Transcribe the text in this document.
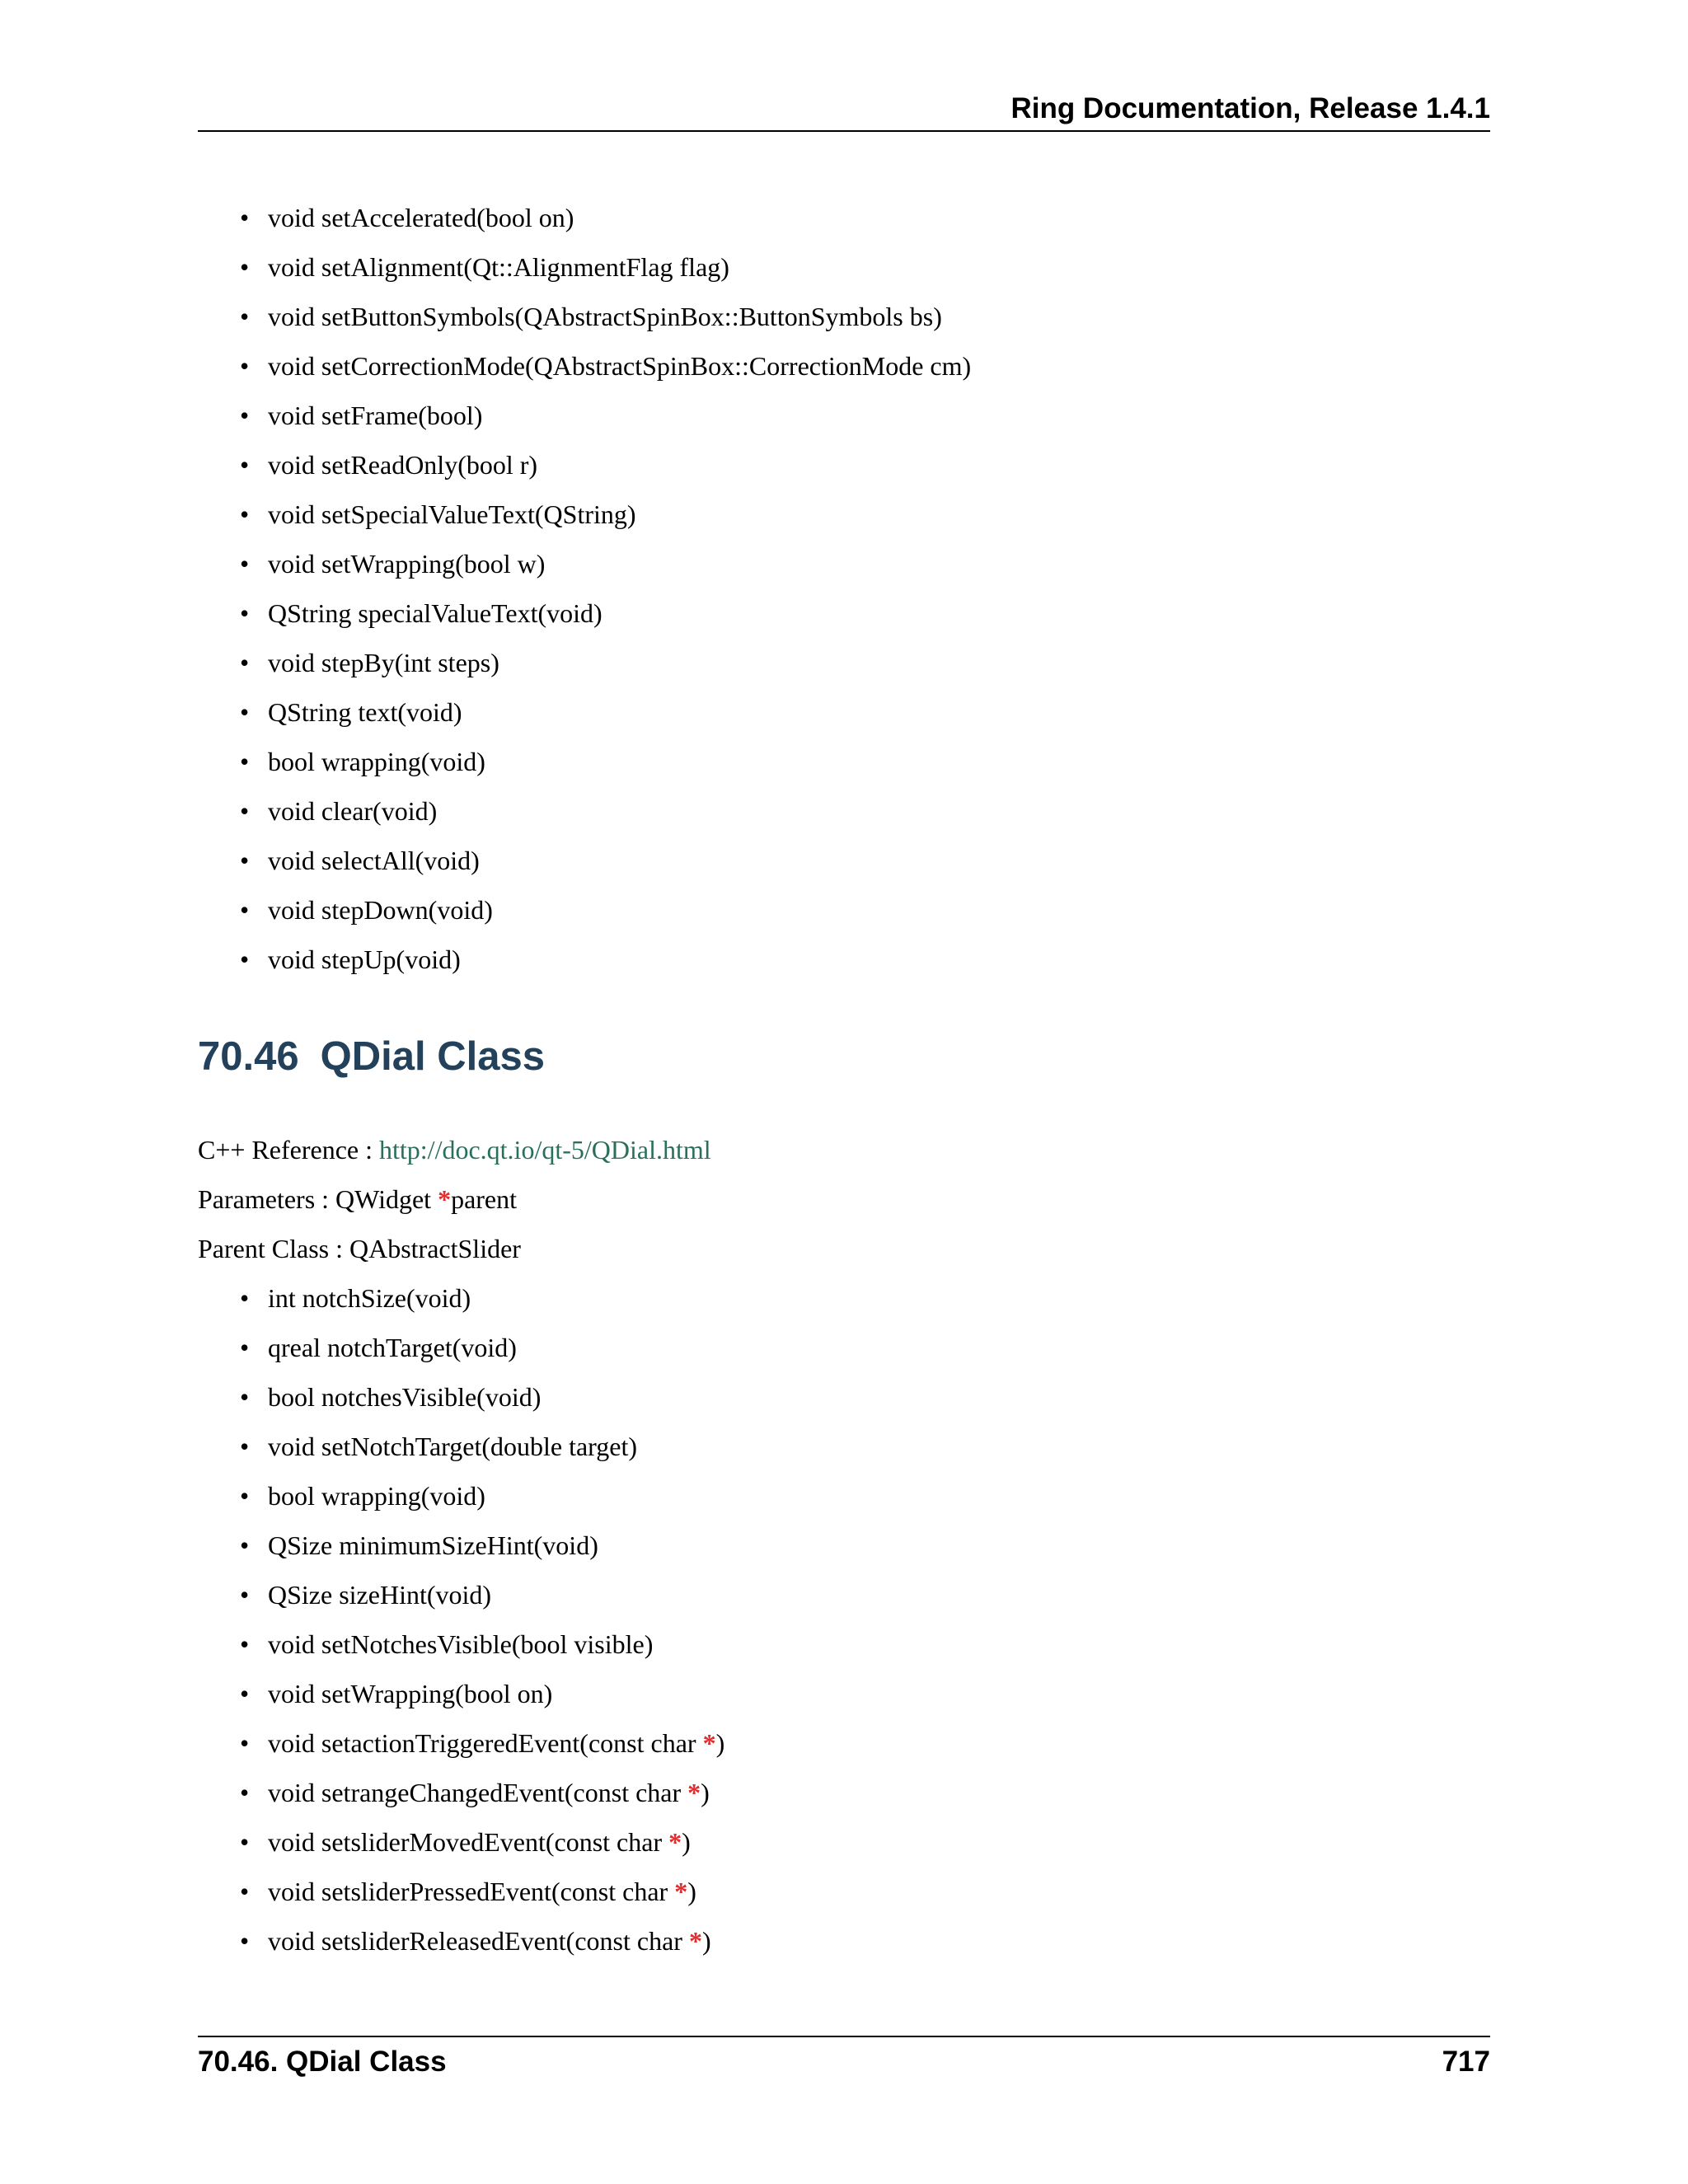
Ring Documentation, Release 1.4.1
• void setAccelerated(bool on)
• void setAlignment(Qt::AlignmentFlag flag)
• void setButtonSymbols(QAbstractSpinBox::ButtonSymbols bs)
• void setCorrectionMode(QAbstractSpinBox::CorrectionMode cm)
• void setFrame(bool)
• void setReadOnly(bool r)
• void setSpecialValueText(QString)
• void setWrapping(bool w)
• QString specialValueText(void)
• void stepBy(int steps)
• QString text(void)
• bool wrapping(void)
• void clear(void)
• void selectAll(void)
• void stepDown(void)
• void stepUp(void)
70.46 QDial Class
C++ Reference : http://doc.qt.io/qt-5/QDial.html
Parameters : QWidget *parent
Parent Class : QAbstractSlider
• int notchSize(void)
• qreal notchTarget(void)
• bool notchesVisible(void)
• void setNotchTarget(double target)
• bool wrapping(void)
• QSize minimumSizeHint(void)
• QSize sizeHint(void)
• void setNotchesVisible(bool visible)
• void setWrapping(bool on)
• void setactionTriggeredEvent(const char *)
• void setrangeChangedEvent(const char *)
• void setsliderMovedEvent(const char *)
• void setsliderPressedEvent(const char *)
• void setsliderReleasedEvent(const char *)
70.46. QDial Class	717
